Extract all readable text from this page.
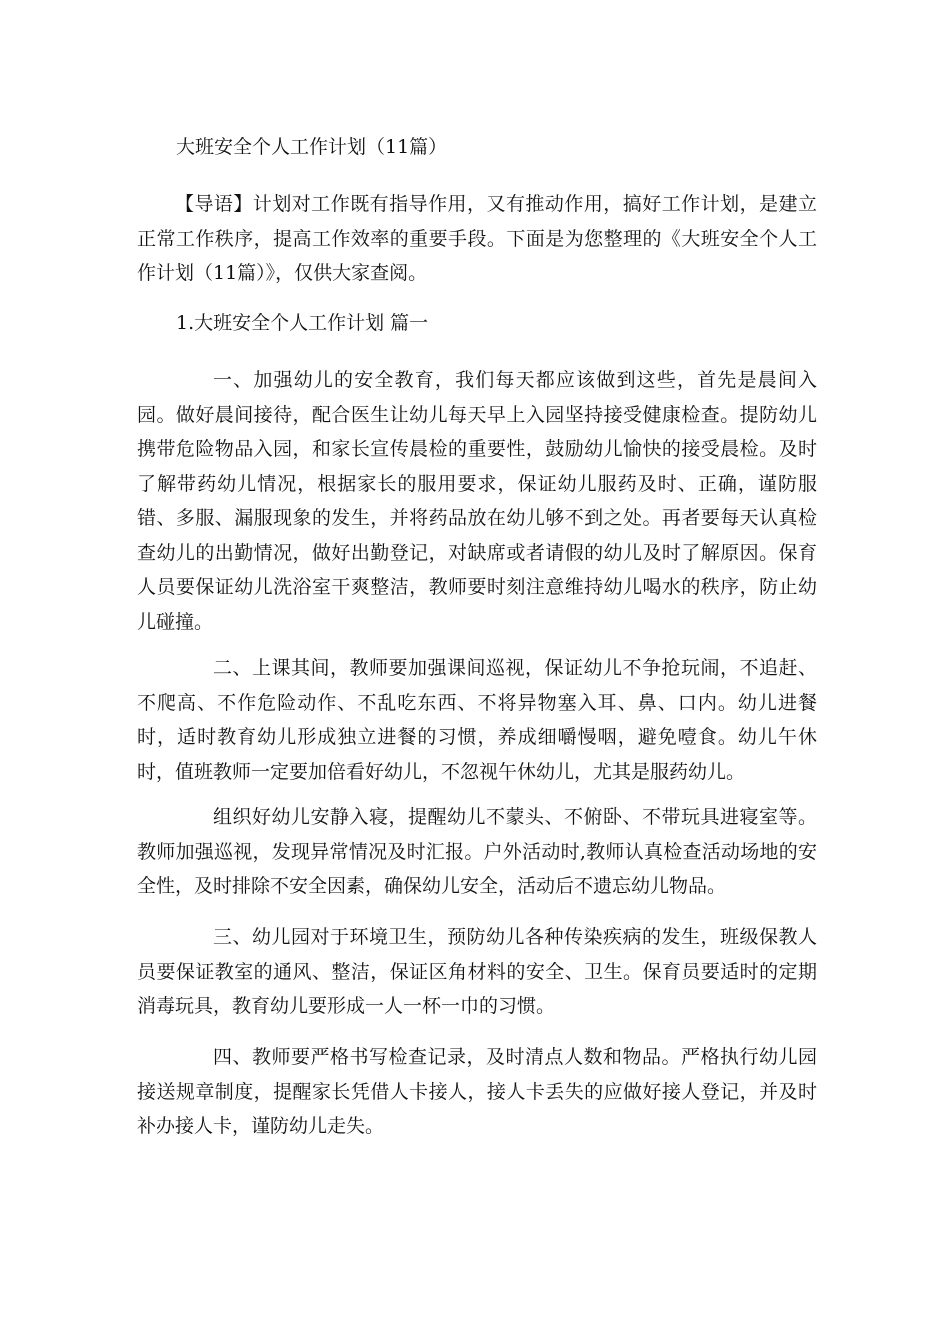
大班安全个人工作计划（11篇）

【导语】计划对工作既有指导作用，又有推动作用，搞好工作计划，是建立正常工作秩序，提高工作效率的重要手段。下面是为您整理的《大班安全个人工作计划（11篇）》，仅供大家查阅。

1.大班安全个人工作计划 篇一

一、加强幼儿的安全教育，我们每天都应该做到这些，首先是晨间入园。做好晨间接待，配合医生让幼儿每天早上入园坚持接受健康检查。提防幼儿携带危险物品入园，和家长宣传晨检的重要性，鼓励幼儿愉快的接受晨检。及时了解带药幼儿情况，根据家长的服用要求，保证幼儿服药及时、正确，谨防服错、多服、漏服现象的发生，并将药品放在幼儿够不到之处。再者要每天认真检查幼儿的出勤情况，做好出勤登记，对缺席或者请假的幼儿及时了解原因。保育人员要保证幼儿洗浴室干爽整洁，教师要时刻注意维持幼儿喝水的秩序，防止幼儿碰撞。

二、上课其间，教师要加强课间巡视，保证幼儿不争抢玩闹，不追赶、不爬高、不作危险动作、不乱吃东西、不将异物塞入耳、鼻、口内。幼儿进餐时，适时教育幼儿形成独立进餐的习惯，养成细嚼慢咽，避免噎食。幼儿午休时，值班教师一定要加倍看好幼儿，不忽视午休幼儿，尤其是服药幼儿。

组织好幼儿安静入寝，提醒幼儿不蒙头、不俯卧、不带玩具进寝室等。教师加强巡视，发现异常情况及时汇报。户外活动时,教师认真检查活动场地的安全性，及时排除不安全因素，确保幼儿安全，活动后不遗忘幼儿物品。

三、幼儿园对于环境卫生，预防幼儿各种传染疾病的发生，班级保教人员要保证教室的通风、整洁，保证区角材料的安全、卫生。保育员要适时的定期消毒玩具，教育幼儿要形成一人一杯一巾的习惯。

四、教师要严格书写检查记录，及时清点人数和物品。严格执行幼儿园接送规章制度，提醒家长凭借人卡接人，接人卡丢失的应做好接人登记，并及时补办接人卡，谨防幼儿走失。
